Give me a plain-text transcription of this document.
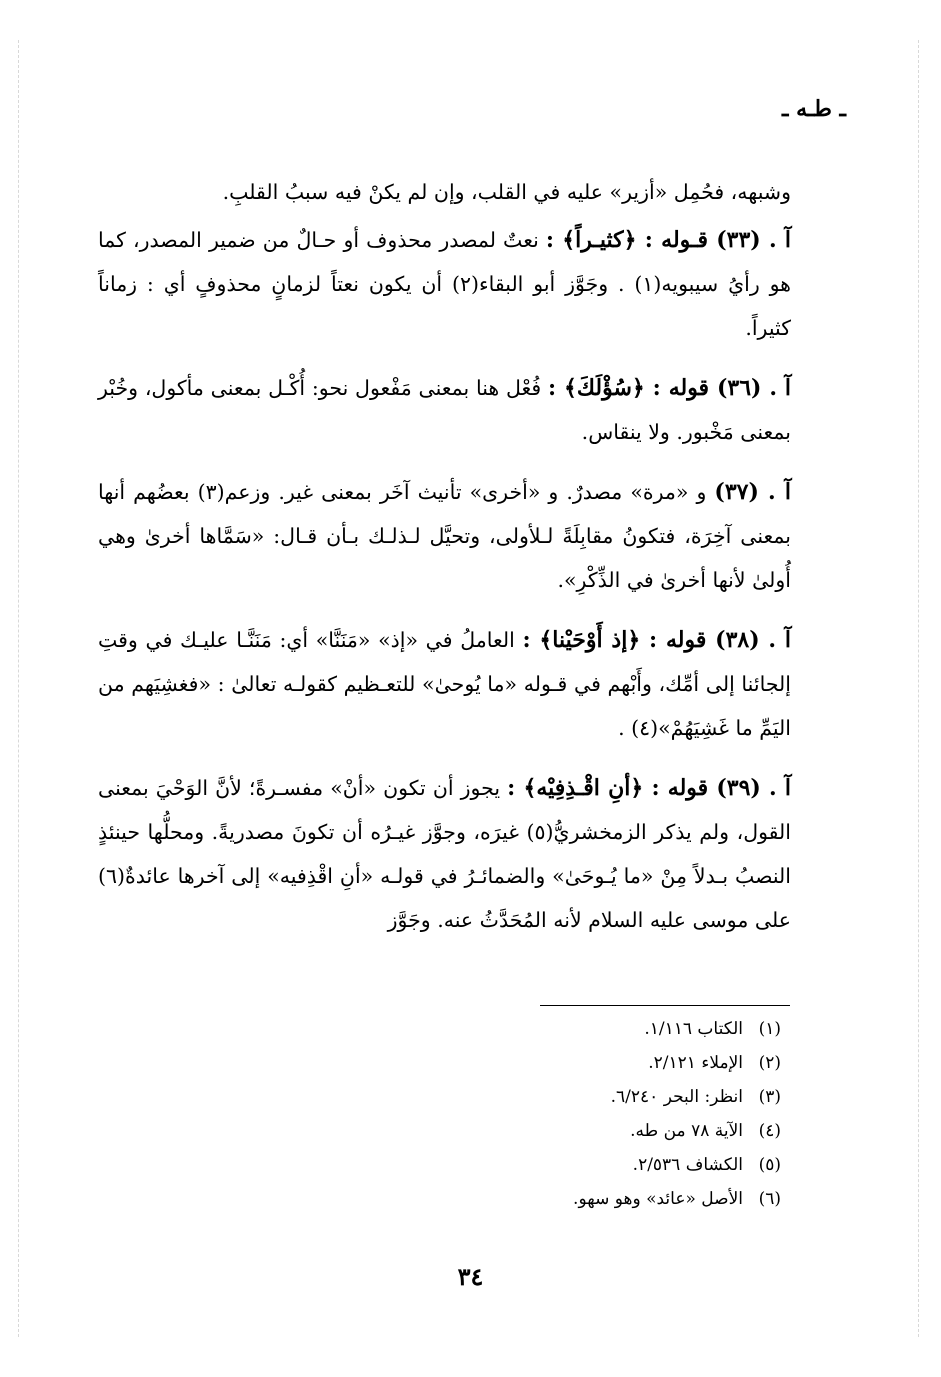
ـ طـه ـ

وشبهه، فحُمِل «أزير» عليه في القلب، وإن لم يكنْ فيه سببُ القلبِ.

آ . (٣٣) قـوله : ﴿كثيـراً﴾ : نعتٌ لمصدر محذوف أو حـالٌ من ضمير المصدر، كما هو رأيُ سيبويه(١) . وجَوَّز أبو البقاء(٢) أن يكون نعتاً لزمانٍ محذوفٍ أي : زماناً كثيراً.

آ . (٣٦) قوله : ﴿سُؤْلَكَ﴾ : فُعْل هنا بمعنى مَفْعول نحو: أُكْـل بمعنى مأكول، وخُبْر بمعنى مَخْبور. ولا ينقاس.

آ . (٣٧) و «مرة» مصدرٌ. و «أخرى» تأنيث آخَر بمعنى غير. وزعم(٣) بعضُهم أنها بمعنى آخِرَة، فتكونُ مقابِلَةً لـلأولى، وتحيَّل لـذلـك بـأن قـال: «سَمَّاها أخرىٰ وهي أُولىٰ لأنها أخرىٰ في الذِّكْرِ».

آ . (٣٨) قوله : ﴿إذ أَوْحَيْنا﴾ : العاملُ في «إذ» «مَنَنَّا» أي: مَنَنَّـا عليـك في وقتِ إلجائنا إلى أمِّك، وأَبْهم في قـوله «ما يُوحىٰ» للتعـظيم كقولـه تعالىٰ : «فغشِيَهم من اليَمِّ ما غَشِيَهُمْ»(٤) .

آ . (٣٩) قوله : ﴿أنِ اقْـذِفِيْه﴾ : يجوز أن تكون «أنْ» مفسـرةً؛ لأنَّ الوَحْيَ بمعنى القول، ولم يذكر الزمخشريُّ(٥) غيرَه، وجوَّز غيـرُه أن تكونَ مصدريةً. ومحلُّها حينئذٍ النصبُ بـدلاً مِنْ «ما يُـوحَىٰ» والضمائـرُ في قولـه «أنِ اقْذِفيه» إلى آخرها عائدةٌ(٦) على موسى عليه السلام لأنه المُحَدَّثُ عنه. وجَوَّز

(١)الكتاب ١/١١٦.
(٢)الإملاء ٢/١٢١.
(٣)انظر: البحر ٦/٢٤٠.
(٤)الآية ٧٨ من طه.
(٥)الكشاف ٢/٥٣٦.
(٦)الأصل «عائد» وهو سهو.
٣٤
